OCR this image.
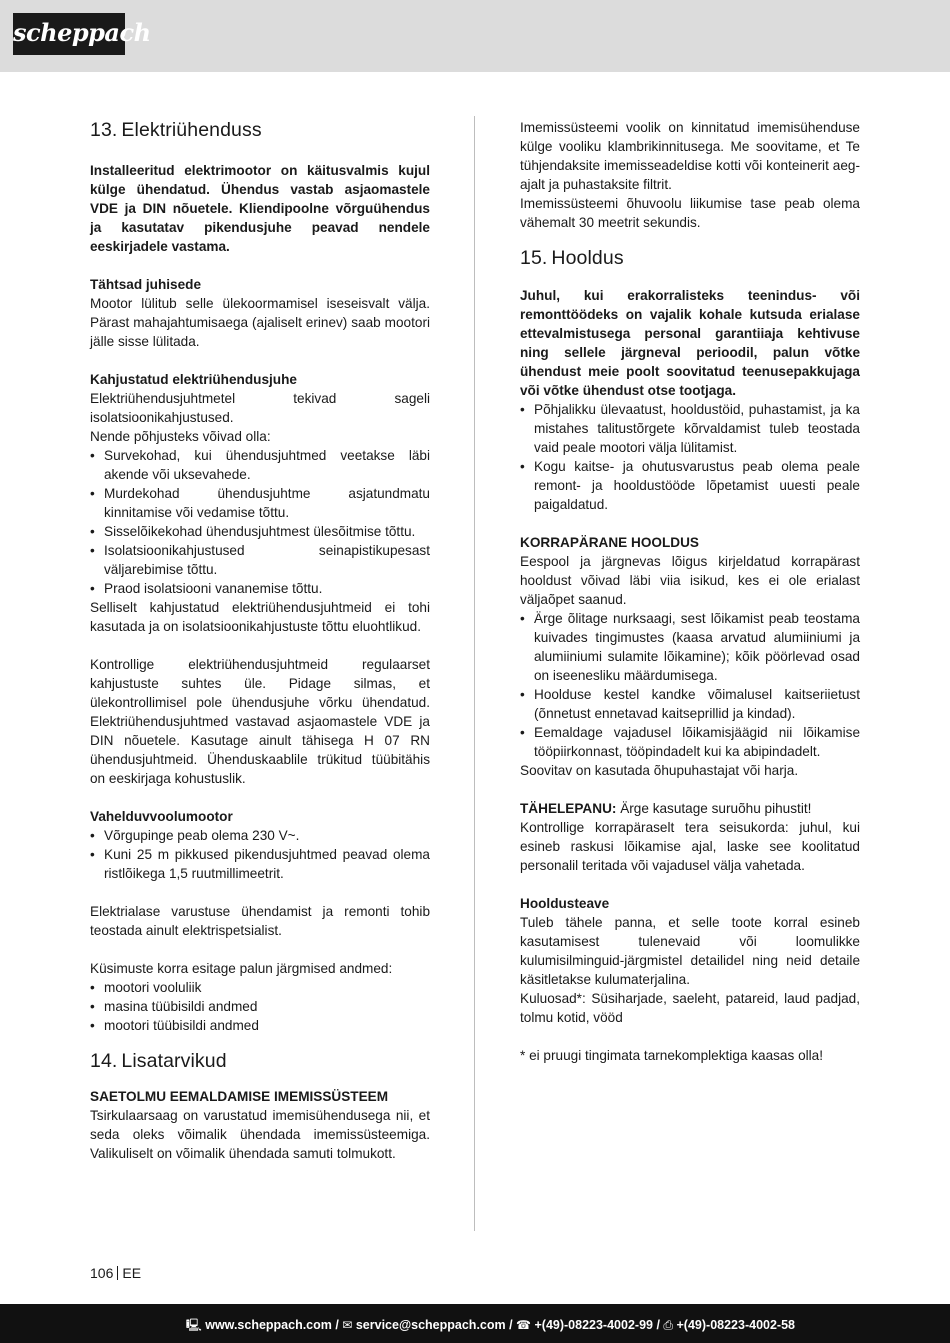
scheppach
13. Elektriühenduss

Installeeritud elektrimootor on käitusvalmis kujul külge ühendatud. Ühendus vastab asjaomastele VDE ja DIN nõuetele. Kliendipoolne võrguühendus ja kasutatav pikendusjuhe peavad nendele eeskirjadele vastama.

Tähtsad juhisede

Mootor lülitub selle ülekoormamisel iseseisvalt välja. Pärast mahajahtumisaega (ajaliselt erinev) saab mootori jälle sisse lülitada.

Kahjustatud elektriühendusjuhe

Elektriühendusjuhtmetel tekivad sageli isolatsioonikahjustused.

Nende põhjusteks võivad olla:

• Survekohad, kui ühendusjuhtmed veetakse läbi akende või uksevahede.
• Murdekohad ühendusjuhtme asjatundmatu kinnitamise või vedamise tõttu.
• Sisselõikekohad ühendusjuhtmest ülesõitmise tõttu.
• Isolatsioonikahjustused seinapistikupesast väljarebimise tõttu.
• Praod isolatsiooni vananemise tõttu.

Selliselt kahjustatud elektriühendusjuhtmeid ei tohi kasutada ja on isolatsioonikahjustuste tõttu eluohtlikud.

Kontrollige elektriühendusjuhtmeid regulaarset kahjustuste suhtes üle. Pidage silmas, et ülekontrollimisel pole ühendusjuhe võrku ühendatud. Elektriühendusjuhtmed vastavad asjaomastele VDE ja DIN nõuetele. Kasutage ainult tähisega H 07 RN ühendusjuhtmeid. Ühenduskaablile trükitud tüübitähis on eeskirjaga kohustuslik.

Vahelduvvoolumootor

• Võrgupinge peab olema 230 V~.
• Kuni 25 m pikkused pikendusjuhtmed peavad olema ristlõikega 1,5 ruutmillimeetrit.

Elektrialase varustuse ühendamist ja remonti tohib teostada ainult elektrispetsialist.

Küsimuste korra esitage palun järgmised andmed:

• mootori vooluliik
• masina tüübisildi andmed
• mootori tüübisildi andmed
14. Lisatarvikud

SAETOLMU EEMALDAMISE IMEMISSÜSTEEM

Tsirkulaarsaag on varustatud imemisühendusega nii, et seda oleks võimalik ühendada imemissüsteemiga. Valikuliselt on võimalik ühendada samuti tolmukott.

Imemissüsteemi voolik on kinnitatud imemisühenduse külge vooliku klambrikinnitusega. Me soovitame, et Te tühjendaksite imemisseadeldise kotti või konteinerit aeg-ajalt ja puhastaksite filtrit.

Imemissüsteemi õhuvoolu liikumise tase peab olema vähemalt 30 meetrit sekundis.

15. Hooldus

Juhul, kui erakorralisteks teenindus- või remonttöödeks on vajalik kohale kutsuda erialase ettevalmistusega personal garantiiaja kehtivuse ning sellele järgneval perioodil, palun võtke ühendust meie poolt soovitatud teenusepakkujaga või võtke ühendust otse tootjaga.

• Põhjalikku ülevaatust, hooldustöid, puhastamist, ja ka mistahes talitustõrgete kõrvaldamist tuleb teostada vaid peale mootori välja lülitamist.
• Kogu kaitse- ja ohutusvarustus peab olema peale remont- ja hooldustööde lõpetamist uuesti peale paigaldatud.

KORRAPÄRANE HOOLDUS

Eespool ja järgnevas lõigus kirjeldatud korrapärast hooldust võivad läbi viia isikud, kes ei ole erialast väljaõpet saanud.

• Ärge õlitage nurksaagi, sest lõikamist peab teostama kuivades tingimustes (kaasa arvatud alumiiniumi ja alumiiniumi sulamite lõikamine); kõik pöörlevad osad on iseenesliku määrdumisega.
• Hoolduse kestel kandke võimalusel kaitseriietust (õnnetust ennetavad kaitseprillid ja kindad).
• Eemaldage vajadusel lõikamisjäägid nii lõikamise tööpiirkonnast, tööpindadelt kui ka abipindadelt.

Soovitav on kasutada õhupuhastajat või harja.

TÄHELEPANU: Ärge kasutage suruõhu pihustit!

Kontrollige korrapäraselt tera seisukorda: juhul, kui esineb raskusi lõikamise ajal, laske see koolitatud personalil teritada või vajadusel välja vahetada.

Hooldusteave

Tuleb tähele panna, et selle toote korral esineb kasutamisest tulenevaid või loomulikke kulumisilminguid-järgmistel detailidel ning neid detaile käsitletakse kulumaterjalina.

Kuluosad*: Süsiharjade, saeleht, patareid, laud padjad, tolmu kotid, vööd

* ei pruugi tingimata tarnekomplektiga kaasas olla!

106 EE
🖳 www.scheppach.com / ✉ service@scheppach.com / ☎ +(49)-08223-4002-99 / ⎙ +(49)-08223-4002-58
